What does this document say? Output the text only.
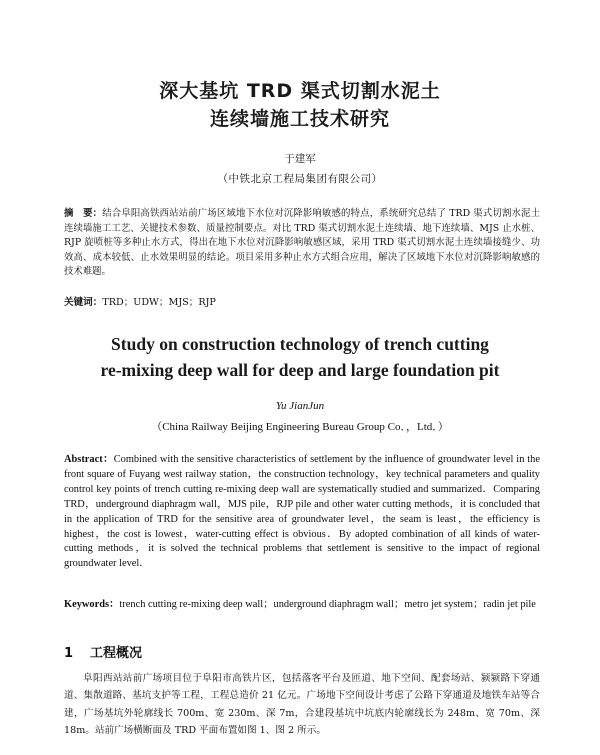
深大基坑 TRD 渠式切割水泥土
连续墙施工技术研究
于建军
（中铁北京工程局集团有限公司）
摘　要：结合阜阳高铁西站站前广场区域地下水位对沉降影响敏感的特点，系统研究总结了 TRD 渠式切割水泥土连续墙施工工艺、关键技术参数、质量控制要点。对比 TRD 渠式切割水泥土连续墙、地下连续墙、MJS 止水桩、RJP 旋喷桩等多种止水方式，得出在地下水位对沉降影响敏感区域，采用 TRD 渠式切割水泥土连续墙接缝少、功效高、成本较低、止水效果明显的结论。项目采用多种止水方式组合应用，解决了区域地下水位对沉降影响敏感的技术难题。
关键词：TRD；UDW；MJS；RJP
Study on construction technology of trench cutting
re-mixing deep wall for deep and large foundation pit
Yu JianJun
（China Railway Beijing Engineering Bureau Group Co．，Ltd．）
Abstract：Combined with the sensitive characteristics of settlement by the influence of groundwater level in the front square of Fuyang west railway station，the construction technology，key technical parameters and quality control key points of trench cutting re-mixing deep wall are systematically studied and summarized．Comparing TRD，underground diaphragm wall，MJS pile，RJP pile and other water cutting methods，it is concluded that in the application of TRD for the sensitive area of groundwater level，the seam is least，the efficiency is highest，the cost is lowest，water-cutting effect is obvious．By adopted combination of all kinds of water-cutting methods，it is solved the technical problems that settlement is sensitive to the impact of regional groundwater level．
Keywords：trench cutting re-mixing deep wall；underground diaphragm wall；metro jet system；radin jet pile
1 工程概况
阜阳西站站前广场项目位于阜阳市高铁片区，包括落客平台及匝道、地下空间、配套场站、颍颍路下穿通道、集散道路、基坑支护等工程，工程总造价 21 亿元。广场地下空间设计考虑了公路下穿通道及地铁车站等合建，广场基坑外轮廓线长 700m、宽 230m、深 7m，合建段基坑中坑底内轮廓线长为 248m、宽 70m、深 18m。站前广场横断面及 TRD 平面布置如图 1、图 2 所示。
